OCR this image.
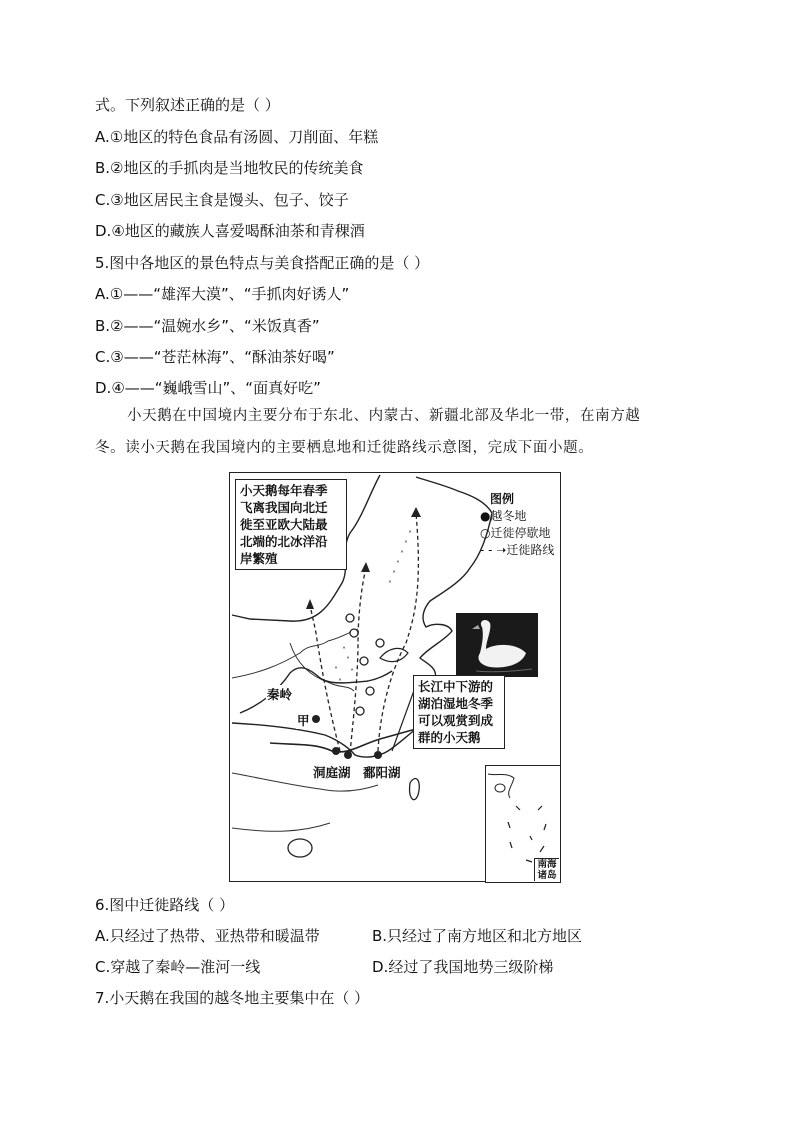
式。下列叙述正确的是（ ）
A.①地区的特色食品有汤圆、刀削面、年糕
B.②地区的手抓肉是当地牧民的传统美食
C.③地区居民主食是馒头、包子、饺子
D.④地区的藏族人喜爱喝酥油茶和青稞酒
5.图中各地区的景色特点与美食搭配正确的是（ ）
A.①——“雄浑大漠”、“手抓肉好诱人”
B.②——“温婉水乡”、“米饭真香”
C.③——“苍茫林海”、“酥油茶好喝”
D.④——“巍峨雪山”、“面真好吃”
小天鹅在中国境内主要分布于东北、内蒙古、新疆北部及华北一带，在南方越
冬。读小天鹅在我国境内的主要栖息地和迁徙路线示意图，完成下面小题。
˄
˄
˄
˄
˄
˄
˄
˄
˄
˄
˄
小天鹅每年春季
飞离我国向北迁
徙至亚欧大陆最
北端的北冰洋沿
岸繁殖
图例
●越冬地
○迁徙停歇地
- - ➝迁徙路线
长江中下游的
湖泊湿地冬季
可以观赏到成
群的小天鹅
秦岭
甲
洞庭湖 鄱阳湖
南海诸岛
6.图中迁徙路线（ ）
A.只经过了热带、亚热带和暖温带	B.只经过了南方地区和北方地区
C.穿越了秦岭—淮河一线	D.经过了我国地势三级阶梯
7.小天鹅在我国的越冬地主要集中在（ ）
